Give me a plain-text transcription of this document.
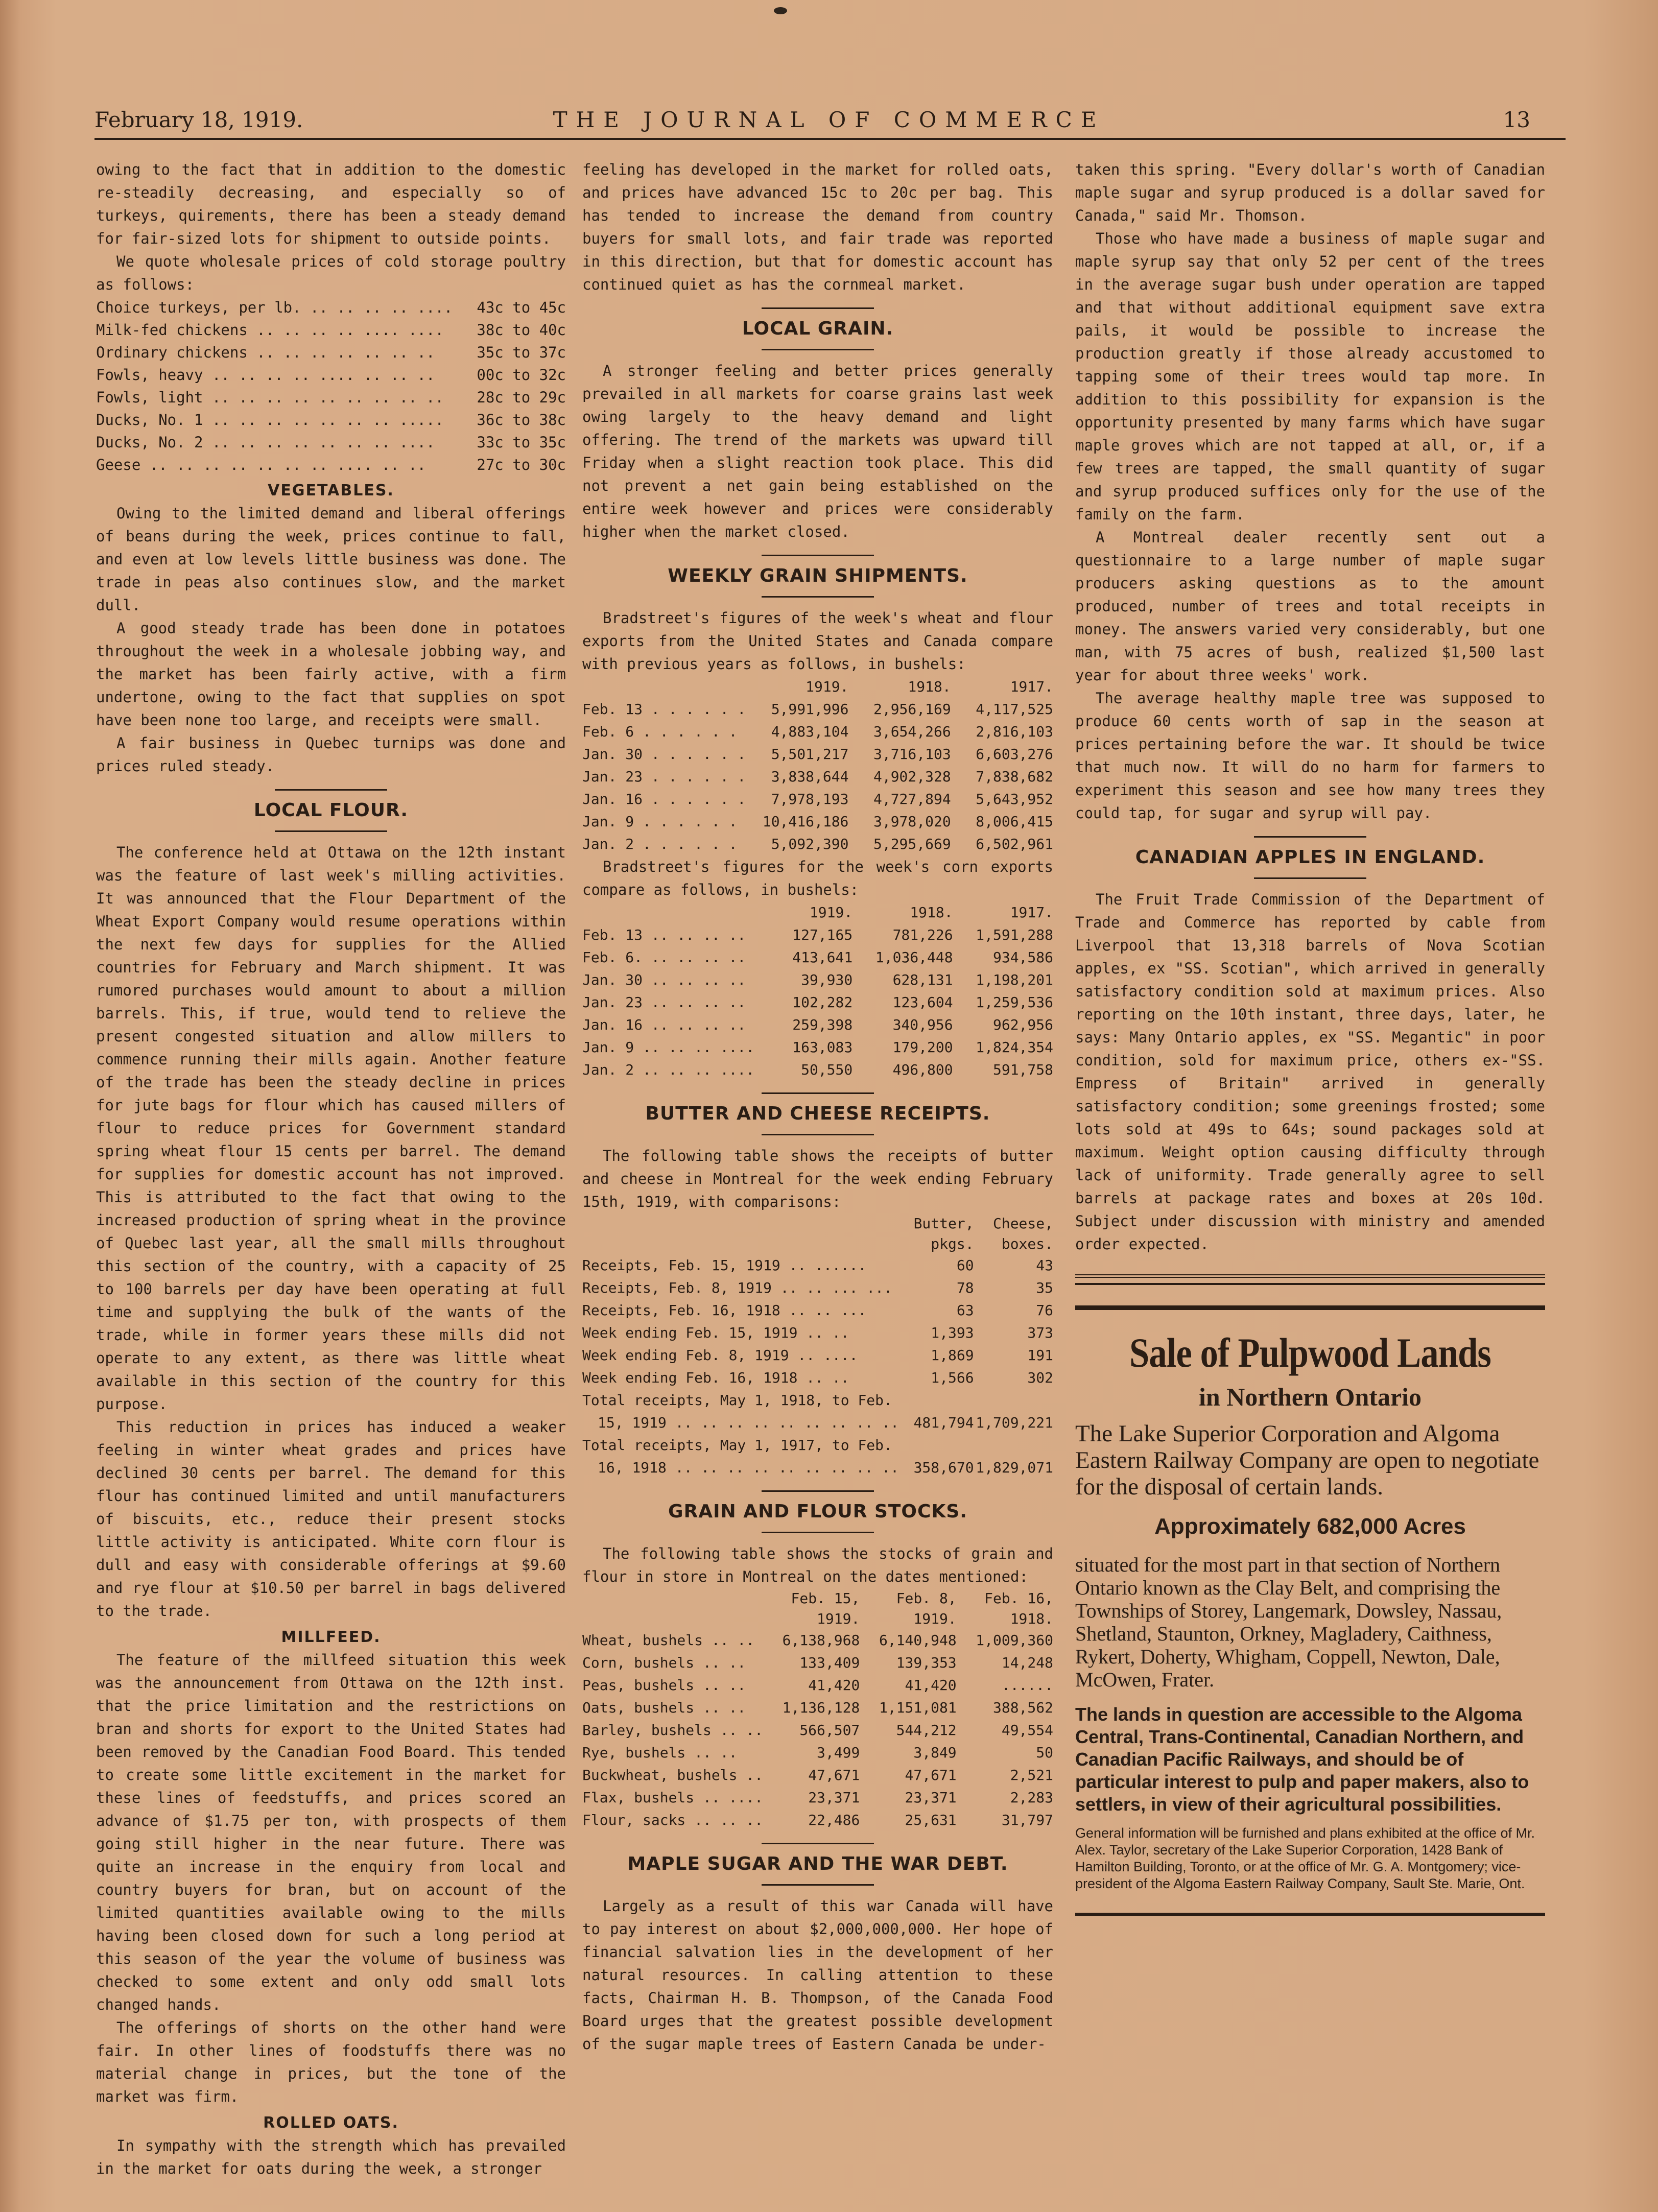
February 18, 1919.	THE JOURNAL OF COMMERCE	13

owing to the fact that in addition to the domestic re-steadily decreasing, and especially so of turkeys, quirements, there has been a steady demand for fair-sized lots for shipment to outside points.

We quote wholesale prices of cold storage poultry as follows:

Choice turkeys, per lb. .. .. .. .. ....	43c to 45c
Milk-fed chickens .. .. .. .. .... ....	38c to 40c
Ordinary chickens .. .. .. .. .. .. ..	35c to 37c
Fowls, heavy .. .. .. .. .... .. .. ..	00c to 32c
Fowls, light .. .. .. .. .. .. .. .. ..	28c to 29c
Ducks, No. 1 .. .. .. .. .. .. .. .....	36c to 38c
Ducks, No. 2 .. .. .. .. .. .. .. ....	33c to 35c
Geese .. .. .. .. .. .. .. .... .. ..	27c to 30c
VEGETABLES.

Owing to the limited demand and liberal offerings of beans during the week, prices continue to fall, and even at low levels little business was done. The trade in peas also continues slow, and the market dull.

A good steady trade has been done in potatoes throughout the week in a wholesale jobbing way, and the market has been fairly active, with a firm undertone, owing to the fact that supplies on spot have been none too large, and receipts were small.

A fair business in Quebec turnips was done and prices ruled steady.

LOCAL FLOUR.

The conference held at Ottawa on the 12th instant was the feature of last week's milling activities. It was announced that the Flour Department of the Wheat Export Company would resume operations within the next few days for supplies for the Allied countries for February and March shipment. It was rumored purchases would amount to about a million barrels. This, if true, would tend to relieve the present congested situation and allow millers to commence running their mills again. Another feature of the trade has been the steady decline in prices for jute bags for flour which has caused millers of flour to reduce prices for Government standard spring wheat flour 15 cents per barrel. The demand for supplies for domestic account has not improved. This is attributed to the fact that owing to the increased production of spring wheat in the province of Quebec last year, all the small mills throughout this section of the country, with a capacity of 25 to 100 barrels per day have been operating at full time and supplying the bulk of the wants of the trade, while in former years these mills did not operate to any extent, as there was little wheat available in this section of the country for this purpose.

This reduction in prices has induced a weaker feeling in winter wheat grades and prices have declined 30 cents per barrel. The demand for this flour has continued limited and until manufacturers of biscuits, etc., reduce their present stocks little activity is anticipated. White corn flour is dull and easy with considerable offerings at $9.60 and rye flour at $10.50 per barrel in bags delivered to the trade.

MILLFEED.

The feature of the millfeed situation this week was the announcement from Ottawa on the 12th inst. that the price limitation and the restrictions on bran and shorts for export to the United States had been removed by the Canadian Food Board. This tended to create some little excitement in the market for these lines of feedstuffs, and prices scored an advance of $1.75 per ton, with prospects of them going still higher in the near future. There was quite an increase in the enquiry from local and country buyers for bran, but on account of the limited quantities available owing to the mills having been closed down for such a long period at this season of the year the volume of business was checked to some extent and only odd small lots changed hands.

The offerings of shorts on the other hand were fair. In other lines of foodstuffs there was no material change in prices, but the tone of the market was firm.

ROLLED OATS.

In sympathy with the strength which has prevailed in the market for oats during the week, a stronger

feeling has developed in the market for rolled oats, and prices have advanced 15c to 20c per bag. This has tended to increase the demand from country buyers for small lots, and fair trade was reported in this direction, but that for domestic account has continued quiet as has the cornmeal market.

LOCAL GRAIN.

A stronger feeling and better prices generally prevailed in all markets for coarse grains last week owing largely to the heavy demand and light offering. The trend of the markets was upward till Friday when a slight reaction took place. This did not prevent a net gain being established on the entire week however and prices were considerably higher when the market closed.

WEEKLY GRAIN SHIPMENTS.

Bradstreet's figures of the week's wheat and flour exports from the United States and Canada compare with previous years as follows, in bushels:

	1919.	1918.	1917.
Feb. 13 . . . . . .	5,991,996	2,956,169	4,117,525
Feb. 6 . . . . . .	4,883,104	3,654,266	2,816,103
Jan. 30 . . . . . .	5,501,217	3,716,103	6,603,276
Jan. 23 . . . . . .	3,838,644	4,902,328	7,838,682
Jan. 16 . . . . . .	7,978,193	4,727,894	5,643,952
Jan. 9 . . . . . .	10,416,186	3,978,020	8,006,415
Jan. 2 . . . . . .	5,092,390	5,295,669	6,502,961

Bradstreet's figures for the week's corn exports compare as follows, in bushels:

	1919.	1918.	1917.
Feb. 13 .. .. .. ..	127,165	781,226	1,591,288
Feb. 6. .. .. .. ..	413,641	1,036,448	934,586
Jan. 30 .. .. .. ..	39,930	628,131	1,198,201
Jan. 23 .. .. .. ..	102,282	123,604	1,259,536
Jan. 16 .. .. .. ..	259,398	340,956	962,956
Jan. 9 .. .. .. ....	163,083	179,200	1,824,354
Jan. 2 .. .. .. ....	50,550	496,800	591,758
BUTTER AND CHEESE RECEIPTS.

The following table shows the receipts of butter and cheese in Montreal for the week ending February 15th, 1919, with comparisons:

	Butter,
pkgs.	Cheese,
boxes.
Receipts, Feb. 15, 1919 .. ......	60	43
Receipts, Feb. 8, 1919 .. .. ... ...	78	35
Receipts, Feb. 16, 1918 .. .. ...	63	76
Week ending Feb. 15, 1919 .. ..	1,393	373
Week ending Feb. 8, 1919 .. ....	1,869	191
Week ending Feb. 16, 1918 .. ..	1,566	302
Total receipts, May 1, 1918, to Feb.		
15, 1919 .. .. .. .. .. .. .. .. ..	481,794	1,709,221
Total receipts, May 1, 1917, to Feb.		
16, 1918 .. .. .. .. .. .. .. .. ..	358,670	1,829,071
GRAIN AND FLOUR STOCKS.

The following table shows the stocks of grain and flour in store in Montreal on the dates mentioned:

	Feb. 15,
1919.	Feb. 8,
1919.	Feb. 16,
1918.
Wheat, bushels .. ..	6,138,968	6,140,948	1,009,360
Corn, bushels .. ..	133,409	139,353	14,248
Peas, bushels .. ..	41,420	41,420	......
Oats, bushels .. ..	1,136,128	1,151,081	388,562
Barley, bushels .. ..	566,507	544,212	49,554
Rye, bushels .. ..	3,499	3,849	50
Buckwheat, bushels ..	47,671	47,671	2,521
Flax, bushels .. ....	23,371	23,371	2,283
Flour, sacks .. .. ..	22,486	25,631	31,797
MAPLE SUGAR AND THE WAR DEBT.

Largely as a result of this war Canada will have to pay interest on about $2,000,000,000. Her hope of financial salvation lies in the development of her natural resources. In calling attention to these facts, Chairman H. B. Thompson, of the Canada Food Board urges that the greatest possible development of the sugar maple trees of Eastern Canada be under-

taken this spring. "Every dollar's worth of Canadian maple sugar and syrup produced is a dollar saved for Canada," said Mr. Thomson.

Those who have made a business of maple sugar and maple syrup say that only 52 per cent of the trees in the average sugar bush under operation are tapped and that without additional equipment save extra pails, it would be possible to increase the production greatly if those already accustomed to tapping some of their trees would tap more. In addition to this possibility for expansion is the opportunity presented by many farms which have sugar maple groves which are not tapped at all, or, if a few trees are tapped, the small quantity of sugar and syrup produced suffices only for the use of the family on the farm.

A Montreal dealer recently sent out a questionnaire to a large number of maple sugar producers asking questions as to the amount produced, number of trees and total receipts in money. The answers varied very considerably, but one man, with 75 acres of bush, realized $1,500 last year for about three weeks' work.

The average healthy maple tree was supposed to produce 60 cents worth of sap in the season at prices pertaining before the war. It should be twice that much now. It will do no harm for farmers to experiment this season and see how many trees they could tap, for sugar and syrup will pay.

CANADIAN APPLES IN ENGLAND.

The Fruit Trade Commission of the Department of Trade and Commerce has reported by cable from Liverpool that 13,318 barrels of Nova Scotian apples, ex "SS. Scotian", which arrived in generally satisfactory condition sold at maximum prices. Also reporting on the 10th instant, three days, later, he says: Many Ontario apples, ex "SS. Megantic" in poor condition, sold for maximum price, others ex-"SS. Empress of Britain" arrived in generally satisfactory condition; some greenings frosted; some lots sold at 49s to 64s; sound packages sold at maximum. Weight option causing difficulty through lack of uniformity. Trade generally agree to sell barrels at package rates and boxes at 20s 10d. Subject under discussion with ministry and amended order expected.

Sale of Pulpwood Lands
in Northern Ontario
The Lake Superior Corporation and Algoma Eastern Railway Company are open to negotiate for the disposal of certain lands.
Approximately 682,000 Acres
situated for the most part in that section of Northern Ontario known as the Clay Belt, and comprising the Townships of Storey, Langemark, Dowsley, Nassau, Shetland, Staunton, Orkney, Magladery, Caithness, Rykert, Doherty, Whigham, Coppell, Newton, Dale, McOwen, Frater.
The lands in question are accessible to the Algoma Central, Trans-Continental, Canadian Northern, and Canadian Pacific Railways, and should be of particular interest to pulp and paper makers, also to settlers, in view of their agricultural possibilities.
General information will be furnished and plans exhibited at the office of Mr. Alex. Taylor, secretary of the Lake Superior Corporation, 1428 Bank of Hamilton Building, Toronto, or at the office of Mr. G. A. Montgomery; vice-president of the Algoma Eastern Railway Company, Sault Ste. Marie, Ont.
